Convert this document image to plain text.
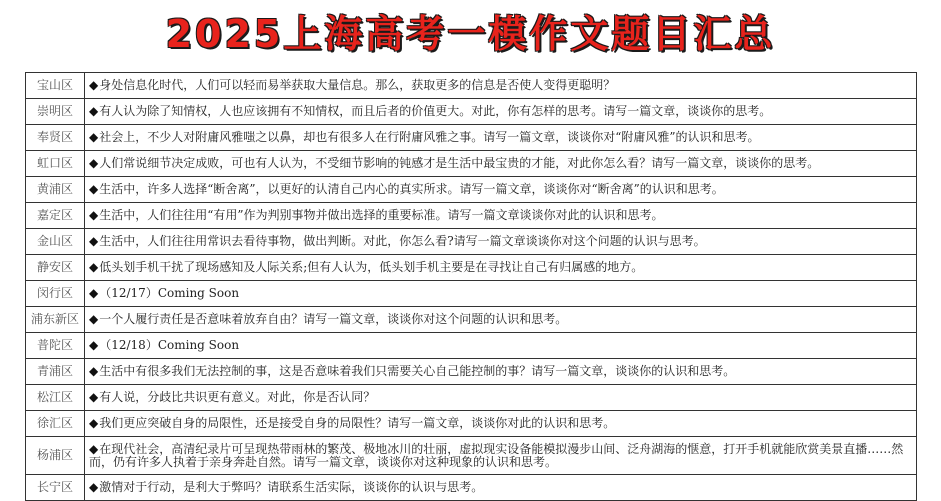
2025上海高考一模作文题目汇总
宝山区	◆身处信息化时代，人们可以轻而易举获取大量信息。那么，获取更多的信息是否使人变得更聪明？
崇明区	◆有人认为除了知情权，人也应该拥有不知情权，而且后者的价值更大。对此，你有怎样的思考。请写一篇文章，谈谈你的思考。
奉贤区	◆社会上，不少人对附庸风雅嗤之以鼻，却也有很多人在行附庸风雅之事。请写一篇文章，谈谈你对“附庸风雅”的认识和思考。
虹口区	◆人们常说细节决定成败，可也有人认为，不受细节影响的钝感才是生活中最宝贵的才能，对此你怎么看？请写一篇文章，谈谈你的思考。
黄浦区	◆生活中，许多人选择“断舍离”，以更好的认清自己内心的真实所求。请写一篇文章，谈谈你对“断舍离”的认识和思考。
嘉定区	◆生活中，人们往往用“有用”作为判别事物并做出选择的重要标准。请写一篇文章谈谈你对此的认识和思考。
金山区	◆生活中，人们往往用常识去看待事物，做出判断。对此，你怎么看?请写一篇文章谈谈你对这个问题的认识与思考。
静安区	◆低头划手机干扰了现场感知及人际关系;但有人认为，低头划手机主要是在寻找让自己有归属感的地方。
闵行区	◆（12/17）Coming Soon
浦东新区	◆一个人履行责任是否意味着放弃自由？请写一篇文章，谈谈你对这个问题的认识和思考。
普陀区	◆（12/18）Coming Soon
青浦区	◆生活中有很多我们无法控制的事，这是否意味着我们只需要关心自己能控制的事？请写一篇文章，谈谈你的认识和思考。
松江区	◆有人说，分歧比共识更有意义。对此，你是否认同？
徐汇区	◆我们更应突破自身的局限性，还是接受自身的局限性？请写一篇文章，谈谈你对此的认识和思考。
杨浦区	◆在现代社会，高清纪录片可呈现热带雨林的繁茂、极地冰川的壮丽，虚拟现实设备能模拟漫步山间、泛舟湖海的惬意，打开手机就能欣赏美景直播……然而，仍有许多人执着于亲身奔赴自然。请写一篇文章，谈谈你对这种现象的认识和思考。
长宁区	◆激情对于行动，是利大于弊吗？请联系生活实际，谈谈你的认识与思考。
